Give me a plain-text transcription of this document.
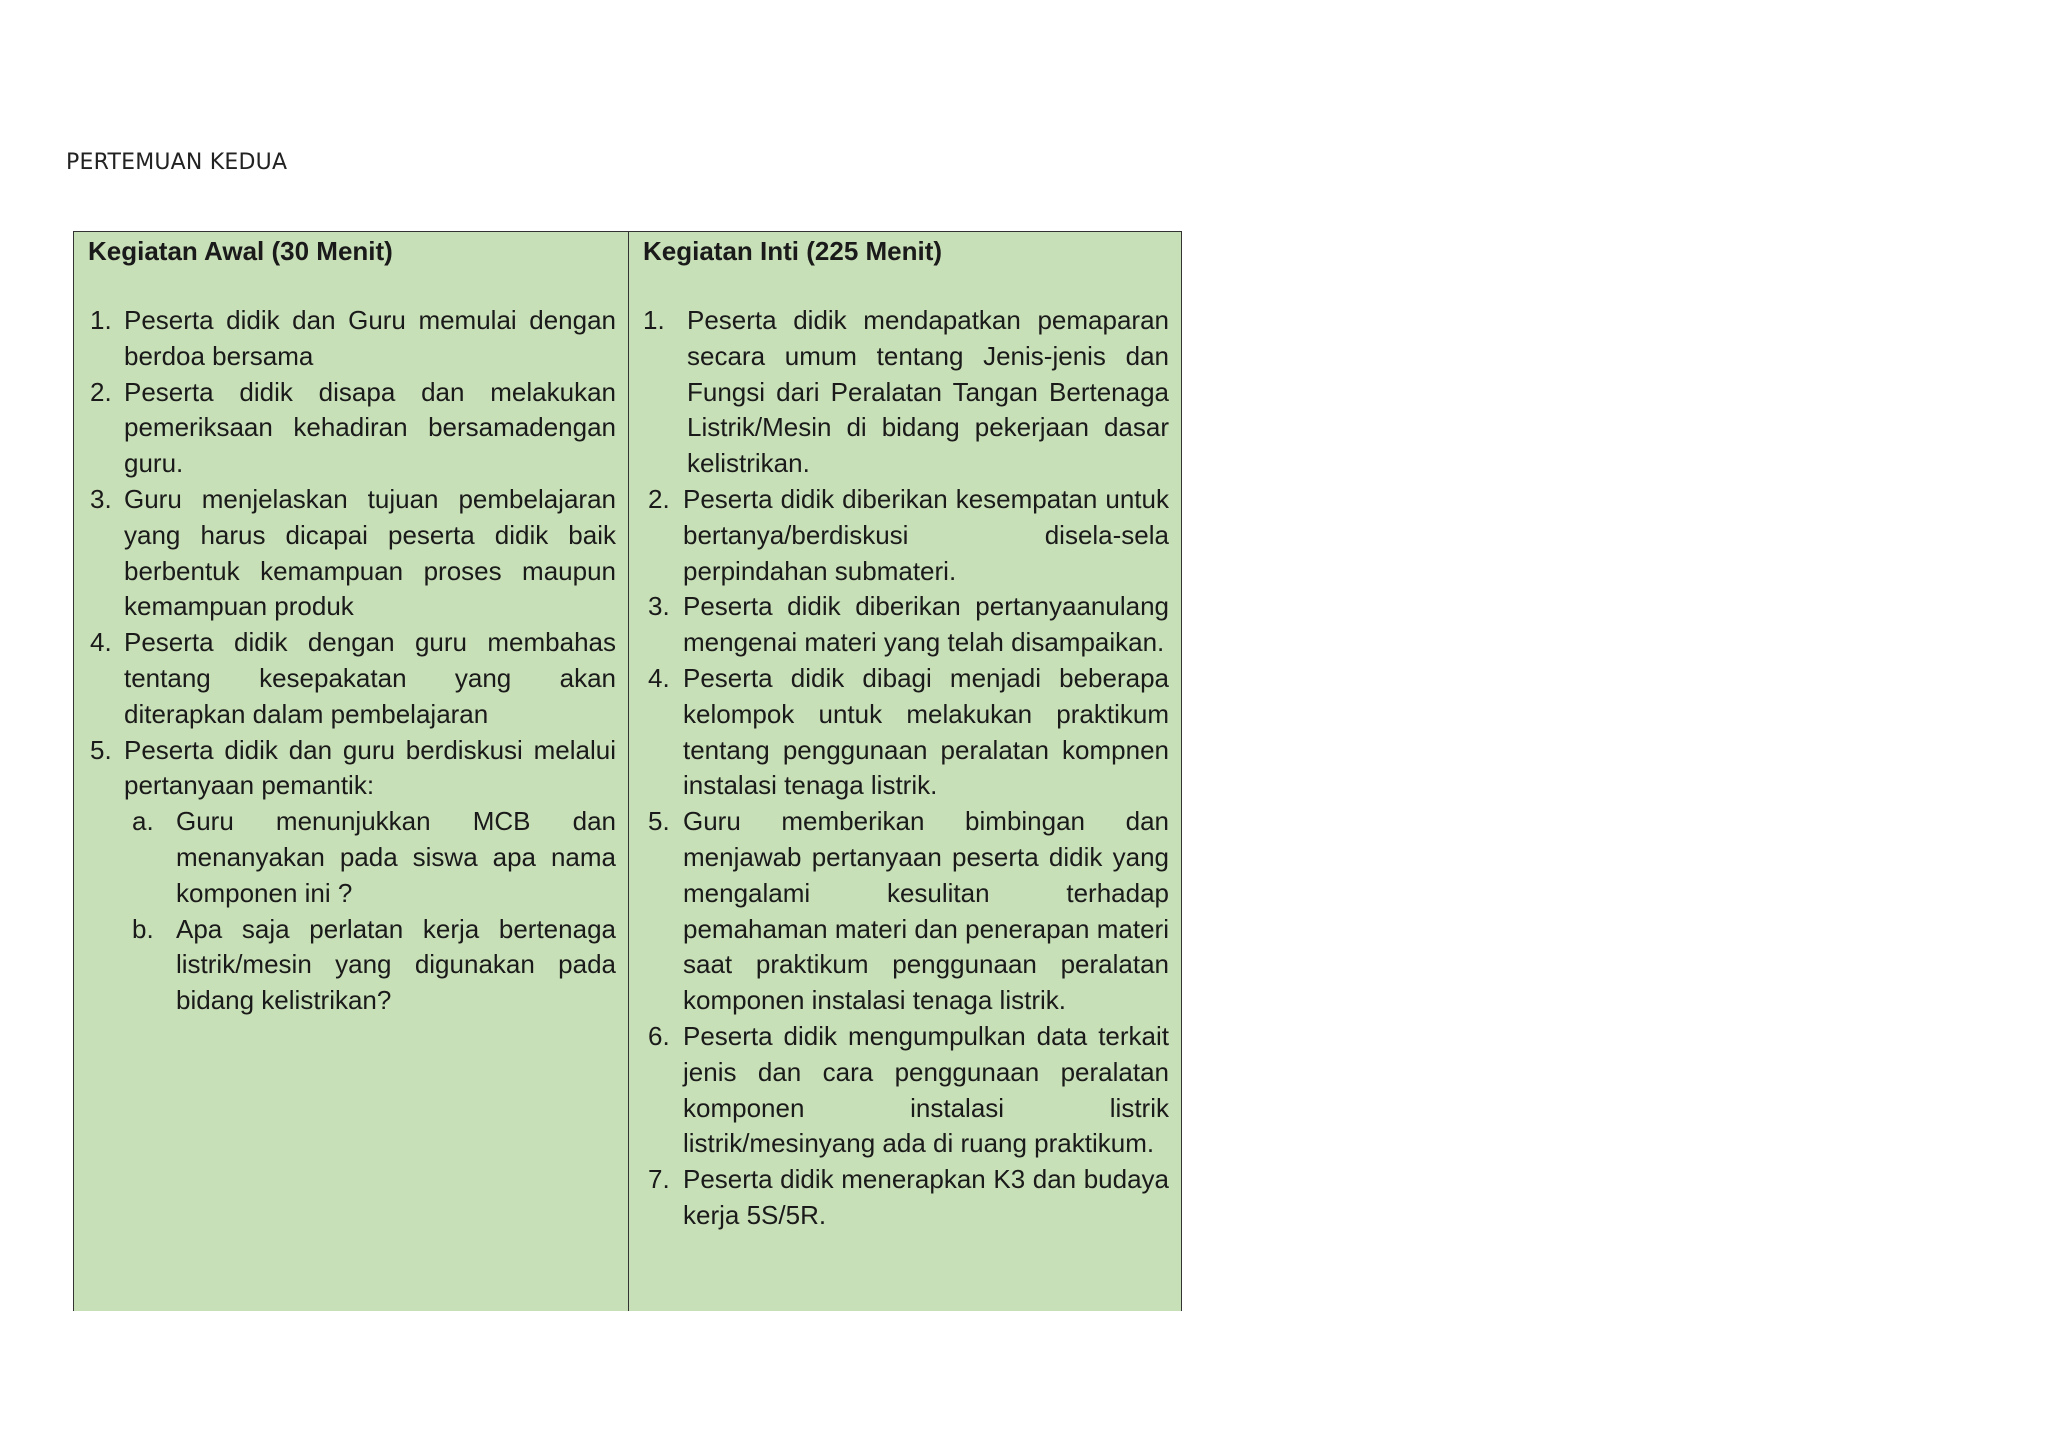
PERTEMUAN KEDUA
Kegiatan Awal (30 Menit)
1. Peserta didik dan Guru memulai dengan berdoa bersama
2. Peserta didik disapa dan melakukan pemeriksaan kehadiran bersamadengan guru.
3. Guru menjelaskan tujuan pembelajaran yang harus dicapai peserta didik baik berbentuk kemampuan proses maupun kemampuan produk
4. Peserta didik dengan guru membahas tentang kesepakatan yang akan diterapkan dalam pembelajaran
5. Peserta didik dan guru berdiskusi melalui pertanyaan pemantik:
a. Guru menunjukkan MCB dan menanyakan pada siswa apa nama komponen ini ?
b. Apa saja perlatan kerja bertenaga listrik/mesin yang digunakan pada bidang kelistrikan?
Kegiatan Inti (225 Menit)
1. Peserta didik mendapatkan pemaparan secara umum tentang Jenis-jenis dan Fungsi dari Peralatan Tangan Bertenaga Listrik/Mesin di bidang pekerjaan dasar kelistrikan.
2. Peserta didik diberikan kesempatan untuk bertanya/berdiskusi disela-sela perpindahan submateri.
3. Peserta didik diberikan pertanyaanulang mengenai materi yang telah disampaikan.
4. Peserta didik dibagi menjadi beberapa kelompok untuk melakukan praktikum tentang penggunaan peralatan kompnen instalasi tenaga listrik.
5. Guru memberikan bimbingan dan menjawab pertanyaan peserta didik yang mengalami kesulitan terhadap pemahaman materi dan penerapan materi saat praktikum penggunaan peralatan komponen instalasi tenaga listrik.
6. Peserta didik mengumpulkan data terkait jenis dan cara penggunaan peralatan komponen instalasi listrik listrik/mesinyang ada di ruang praktikum.
7. Peserta didik menerapkan K3 dan budaya kerja 5S/5R.
